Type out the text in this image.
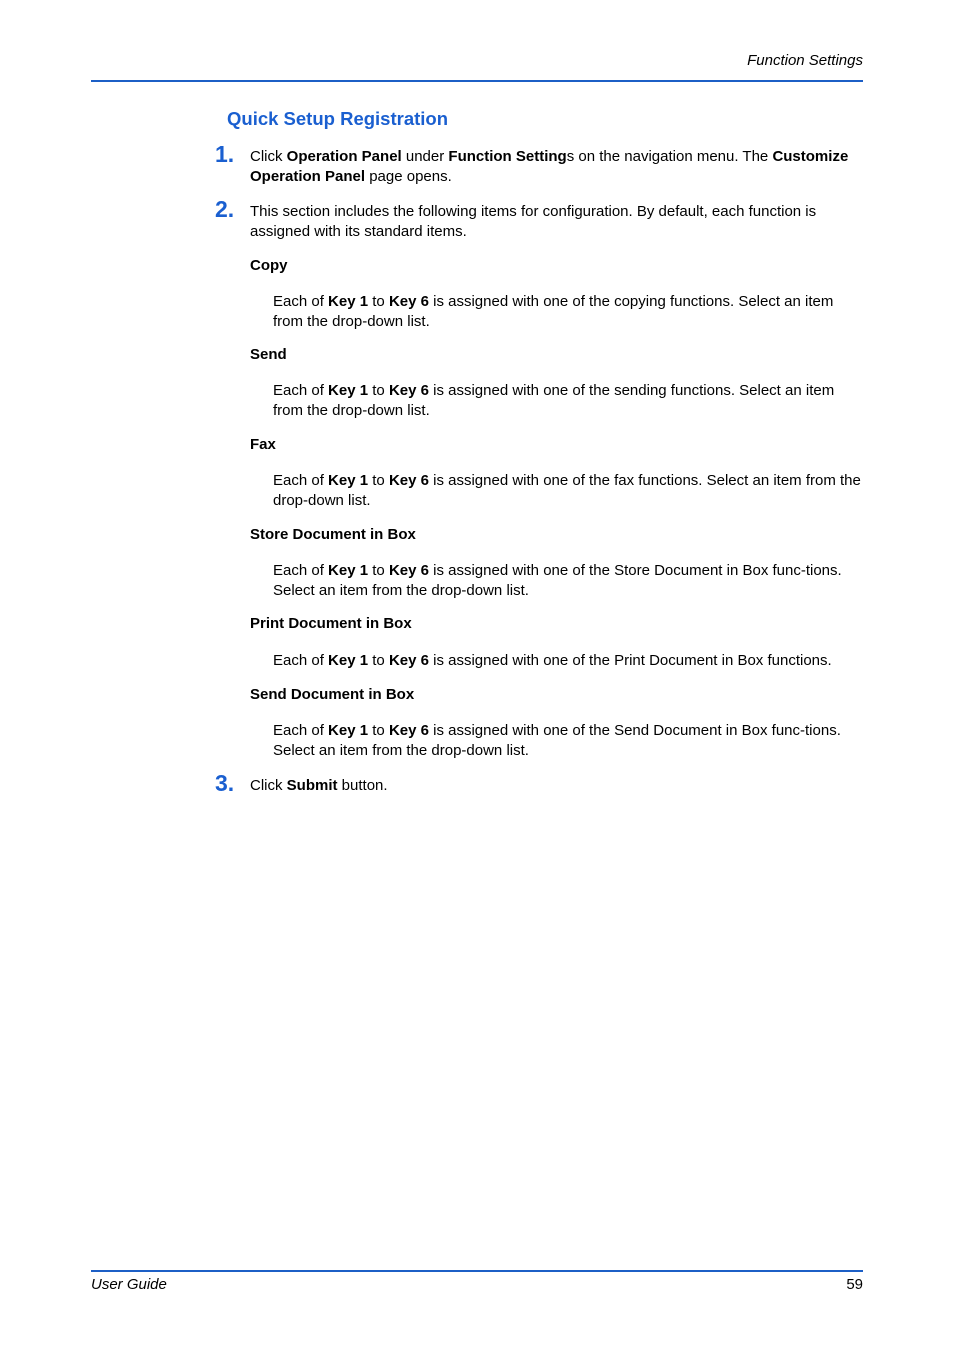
Function Settings
Quick Setup Registration
1. Click Operation Panel under Function Settings on the navigation menu. The Customize Operation Panel page opens.
2. This section includes the following items for configuration. By default, each function is assigned with its standard items.
Copy
Each of Key 1 to Key 6 is assigned with one of the copying functions. Select an item from the drop-down list.
Send
Each of Key 1 to Key 6 is assigned with one of the sending functions. Select an item from the drop-down list.
Fax
Each of Key 1 to Key 6 is assigned with one of the fax functions. Select an item from the drop-down list.
Store Document in Box
Each of Key 1 to Key 6 is assigned with one of the Store Document in Box func-tions. Select an item from the drop-down list.
Print Document in Box
Each of Key 1 to Key 6 is assigned with one of the Print Document in Box functions.
Send Document in Box
Each of Key 1 to Key 6 is assigned with one of the Send Document in Box func-tions. Select an item from the drop-down list.
3. Click Submit button.
User Guide	59
